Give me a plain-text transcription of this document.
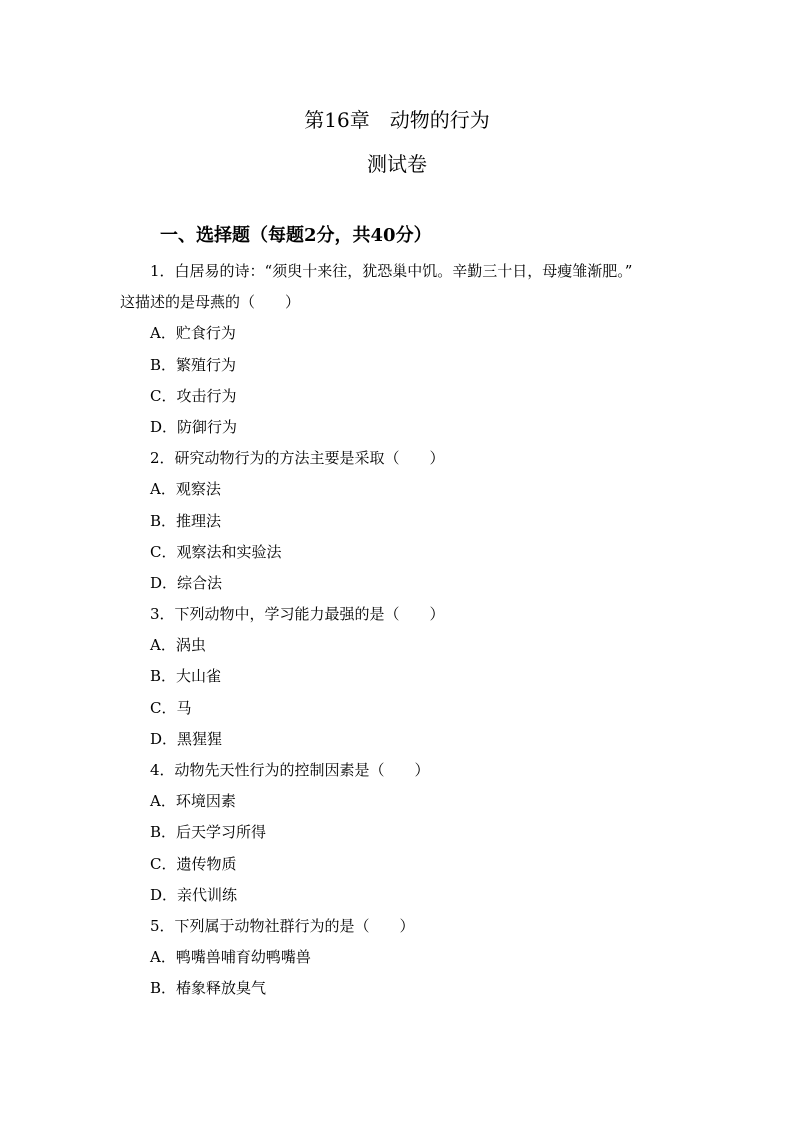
第16章　动物的行为
测试卷
一、选择题（每题2分，共40分）
1．白居易的诗：“须臾十来往，犹恐巢中饥。辛勤三十日，母瘦雏渐肥。”
这描述的是母燕的（　　）
A．贮食行为
B．繁殖行为
C．攻击行为
D．防御行为
2．研究动物行为的方法主要是采取（　　）
A．观察法
B．推理法
C．观察法和实验法
D．综合法
3．下列动物中，学习能力最强的是（　　）
A．涡虫
B．大山雀
C．马
D．黑猩猩
4．动物先天性行为的控制因素是（　　）
A．环境因素
B．后天学习所得
C．遗传物质
D．亲代训练
5．下列属于动物社群行为的是（　　）
A．鸭嘴兽哺育幼鸭嘴兽
B．椿象释放臭气
